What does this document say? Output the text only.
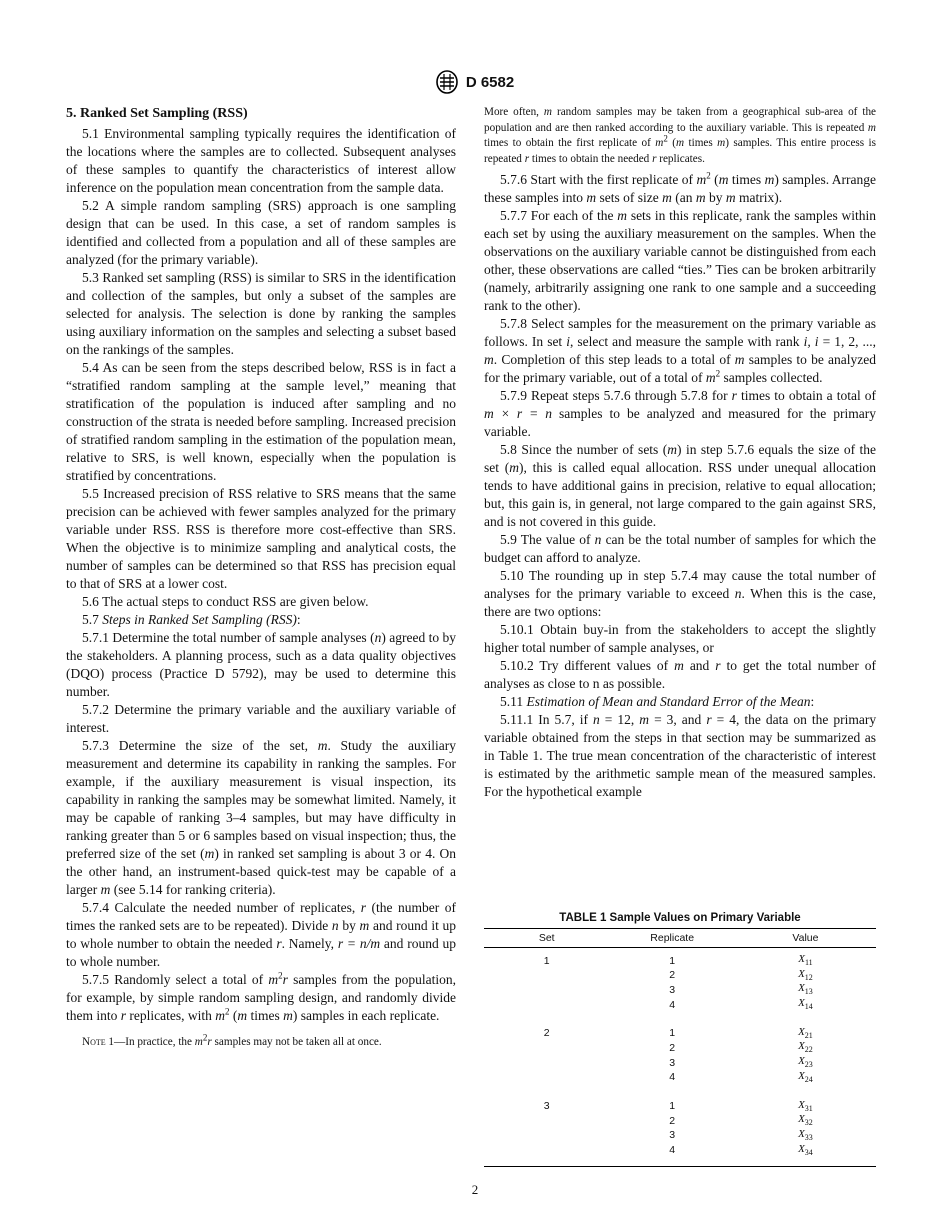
D 6582

5. Ranked Set Sampling (RSS)

5.1 Environmental sampling typically requires the identification of the locations where the samples are to collected. Subsequent analyses of these samples to quantify the characteristics of interest allow inference on the population mean concentration from the sample data.

5.2 A simple random sampling (SRS) approach is one sampling design that can be used. In this case, a set of random samples is identified and collected from a population and all of these samples are analyzed (for the primary variable).

5.3 Ranked set sampling (RSS) is similar to SRS in the identification and collection of the samples, but only a subset of the samples are selected for analysis. The selection is done by ranking the samples using auxiliary information on the samples and selecting a subset based on the rankings of the samples.

5.4 As can be seen from the steps described below, RSS is in fact a “stratified random sampling at the sample level,” meaning that stratification of the population is induced after sampling and no construction of the strata is needed before sampling. Increased precision of stratified random sampling in the estimation of the population mean, relative to SRS, is well known, especially when the population is stratified by concentrations.

5.5 Increased precision of RSS relative to SRS means that the same precision can be achieved with fewer samples analyzed for the primary variable under RSS. RSS is therefore more cost-effective than SRS. When the objective is to minimize sampling and analytical costs, the number of samples can be determined so that RSS has precision equal to that of SRS at a lower cost.

5.6 The actual steps to conduct RSS are given below.

5.7 Steps in Ranked Set Sampling (RSS):

5.7.1 Determine the total number of sample analyses (n) agreed to by the stakeholders. A planning process, such as a data quality objectives (DQO) process (Practice D 5792), may be used to determine this number.

5.7.2 Determine the primary variable and the auxiliary variable of interest.

5.7.3 Determine the size of the set, m. Study the auxiliary measurement and determine its capability in ranking the samples. For example, if the auxiliary measurement is visual inspection, its capability in ranking the samples may be somewhat limited. Namely, it may be capable of ranking 3–4 samples, but may have difficulty in ranking greater than 5 or 6 samples based on visual inspection; thus, the preferred size of the set (m) in ranked set sampling is about 3 or 4. On the other hand, an instrument-based quick-test may be capable of a larger m (see 5.14 for ranking criteria).

5.7.4 Calculate the needed number of replicates, r (the number of times the ranked sets are to be repeated). Divide n by m and round it up to whole number to obtain the needed r. Namely, r = n/m and round up to whole number.

5.7.5 Randomly select a total of $m^2r$ samples from the population, for example, by simple random sampling design, and randomly divide them into r replicates, with $m^2$ (m times m) samples in each replicate.

Note 1—In practice, the $m^2r$ samples may not be taken all at once.

More often, m random samples may be taken from a geographical sub-area of the population and are then ranked according to the auxiliary variable. This is repeated m times to obtain the first replicate of $m^2$ (m times m) samples. This entire process is repeated r times to obtain the needed r replicates.

5.7.6 Start with the first replicate of $m^2$ (m times m) samples. Arrange these samples into m sets of size m (an m by m matrix).

5.7.7 For each of the m sets in this replicate, rank the samples within each set by using the auxiliary measurement on the samples. When the observations on the auxiliary variable cannot be distinguished from each other, these observations are called “ties.” Ties can be broken arbitrarily (namely, arbitrarily assigning one rank to one sample and a succeeding rank to the other).

5.7.8 Select samples for the measurement on the primary variable as follows. In set i, select and measure the sample with rank i, i = 1, 2, ..., m. Completion of this step leads to a total of m samples to be analyzed for the primary variable, out of a total of $m^2$ samples collected.

5.7.9 Repeat steps 5.7.6 through 5.7.8 for r times to obtain a total of m × r = n samples to be analyzed and measured for the primary variable.

5.8 Since the number of sets (m) in step 5.7.6 equals the size of the set (m), this is called equal allocation. RSS under unequal allocation tends to have additional gains in precision, relative to equal allocation; but, this gain is, in general, not large compared to the gain against SRS, and is not covered in this guide.

5.9 The value of n can be the total number of samples for which the budget can afford to analyze.

5.10 The rounding up in step 5.7.4 may cause the total number of analyses for the primary variable to exceed n. When this is the case, there are two options:

5.10.1 Obtain buy-in from the stakeholders to accept the slightly higher total number of sample analyses, or

5.10.2 Try different values of m and r to get the total number of analyses as close to n as possible.

5.11 Estimation of Mean and Standard Error of the Mean:

5.11.1 In 5.7, if n = 12, m = 3, and r = 4, the data on the primary variable obtained from the steps in that section may be summarized as in Table 1. The true mean concentration of the characteristic of interest is estimated by the arithmetic sample mean of the measured samples. For the hypothetical example

TABLE 1 Sample Values on Primary Variable
Set	Replicate	Value
1	1	$X_{11}$
	2	$X_{12}$
	3	$X_{13}$
	4	$X_{14}$
2	1	$X_{21}$
	2	$X_{22}$
	3	$X_{23}$
	4	$X_{24}$
3	1	$X_{31}$
	2	$X_{32}$
	3	$X_{33}$
	4	$X_{34}$
2
